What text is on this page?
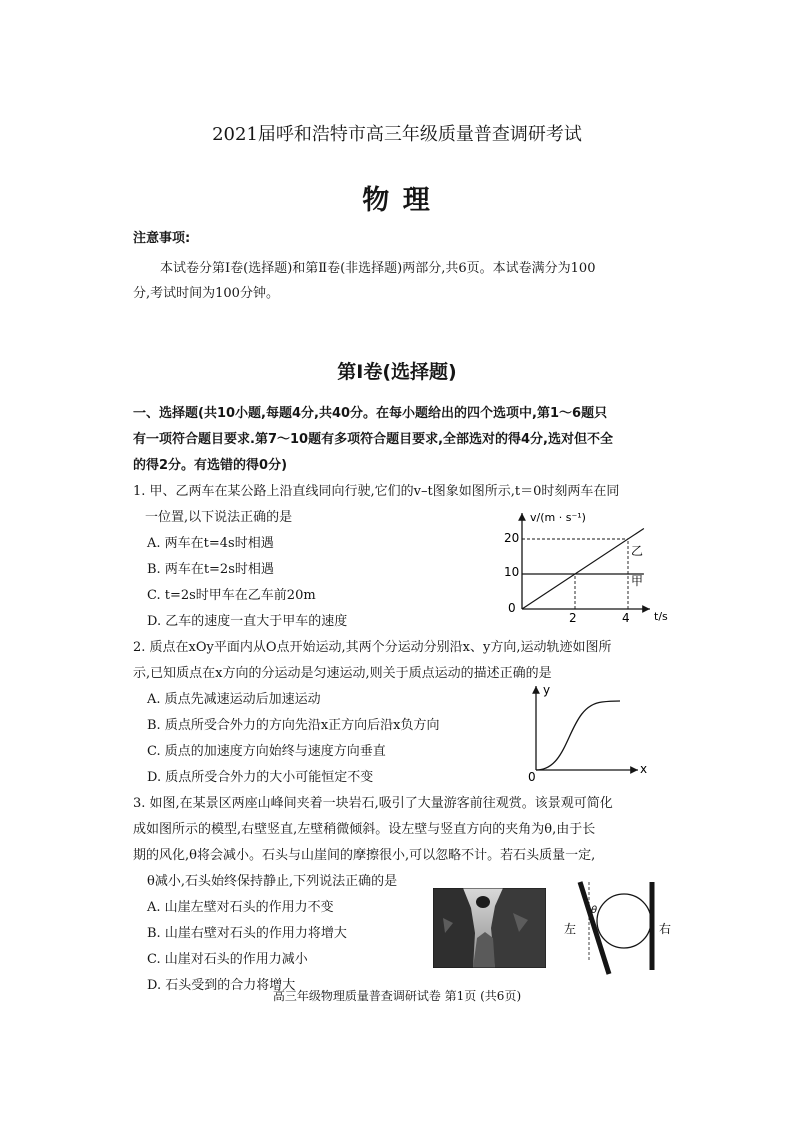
2021届呼和浩特市高三年级质量普查调研考试
物 理
注意事项:
本试卷分第Ⅰ卷(选择题)和第Ⅱ卷(非选择题)两部分,共6页。本试卷满分为100
分,考试时间为100分钟。
第Ⅰ卷(选择题)
一、选择题(共10小题,每题4分,共40分。在每小题给出的四个选项中,第1～6题只
有一项符合题目要求.第7～10题有多项符合题目要求,全部选对的得4分,选对但不全
的得2分。有选错的得0分)
1. 甲、乙两车在某公路上沿直线同向行驶,它们的v–t图象如图所示,t＝0时刻两车在同
一位置,以下说法正确的是
A. 两车在t=4s时相遇
B. 两车在t=2s时相遇
C. t=2s时甲车在乙车前20m
D. 乙车的速度一直大于甲车的速度
v/(m · s⁻¹)
t/s
20
10
0
2	4
乙
甲
2. 质点在xOy平面内从O点开始运动,其两个分运动分别沿x、y方向,运动轨迹如图所
示,已知质点在x方向的分运动是匀速运动,则关于质点运动的描述正确的是
A. 质点先减速运动后加速运动
B. 质点所受合外力的方向先沿x正方向后沿x负方向
C. 质点的加速度方向始终与速度方向垂直
D. 质点所受合外力的大小可能恒定不变
y
x
0
3. 如图,在某景区两座山峰间夹着一块岩石,吸引了大量游客前往观赏。该景观可简化
成如图所示的模型,右壁竖直,左壁稍微倾斜。设左壁与竖直方向的夹角为θ,由于长
期的风化,θ将会减小。石头与山崖间的摩擦很小,可以忽略不计。若石头质量一定,
θ减小,石头始终保持静止,下列说法正确的是
A. 山崖左壁对石头的作用力不变
B. 山崖右壁对石头的作用力将增大
C. 山崖对石头的作用力减小
D. 石头受到的合力将增大
θ
左	右
高三年级物理质量普查调研试卷 第1页 (共6页)
